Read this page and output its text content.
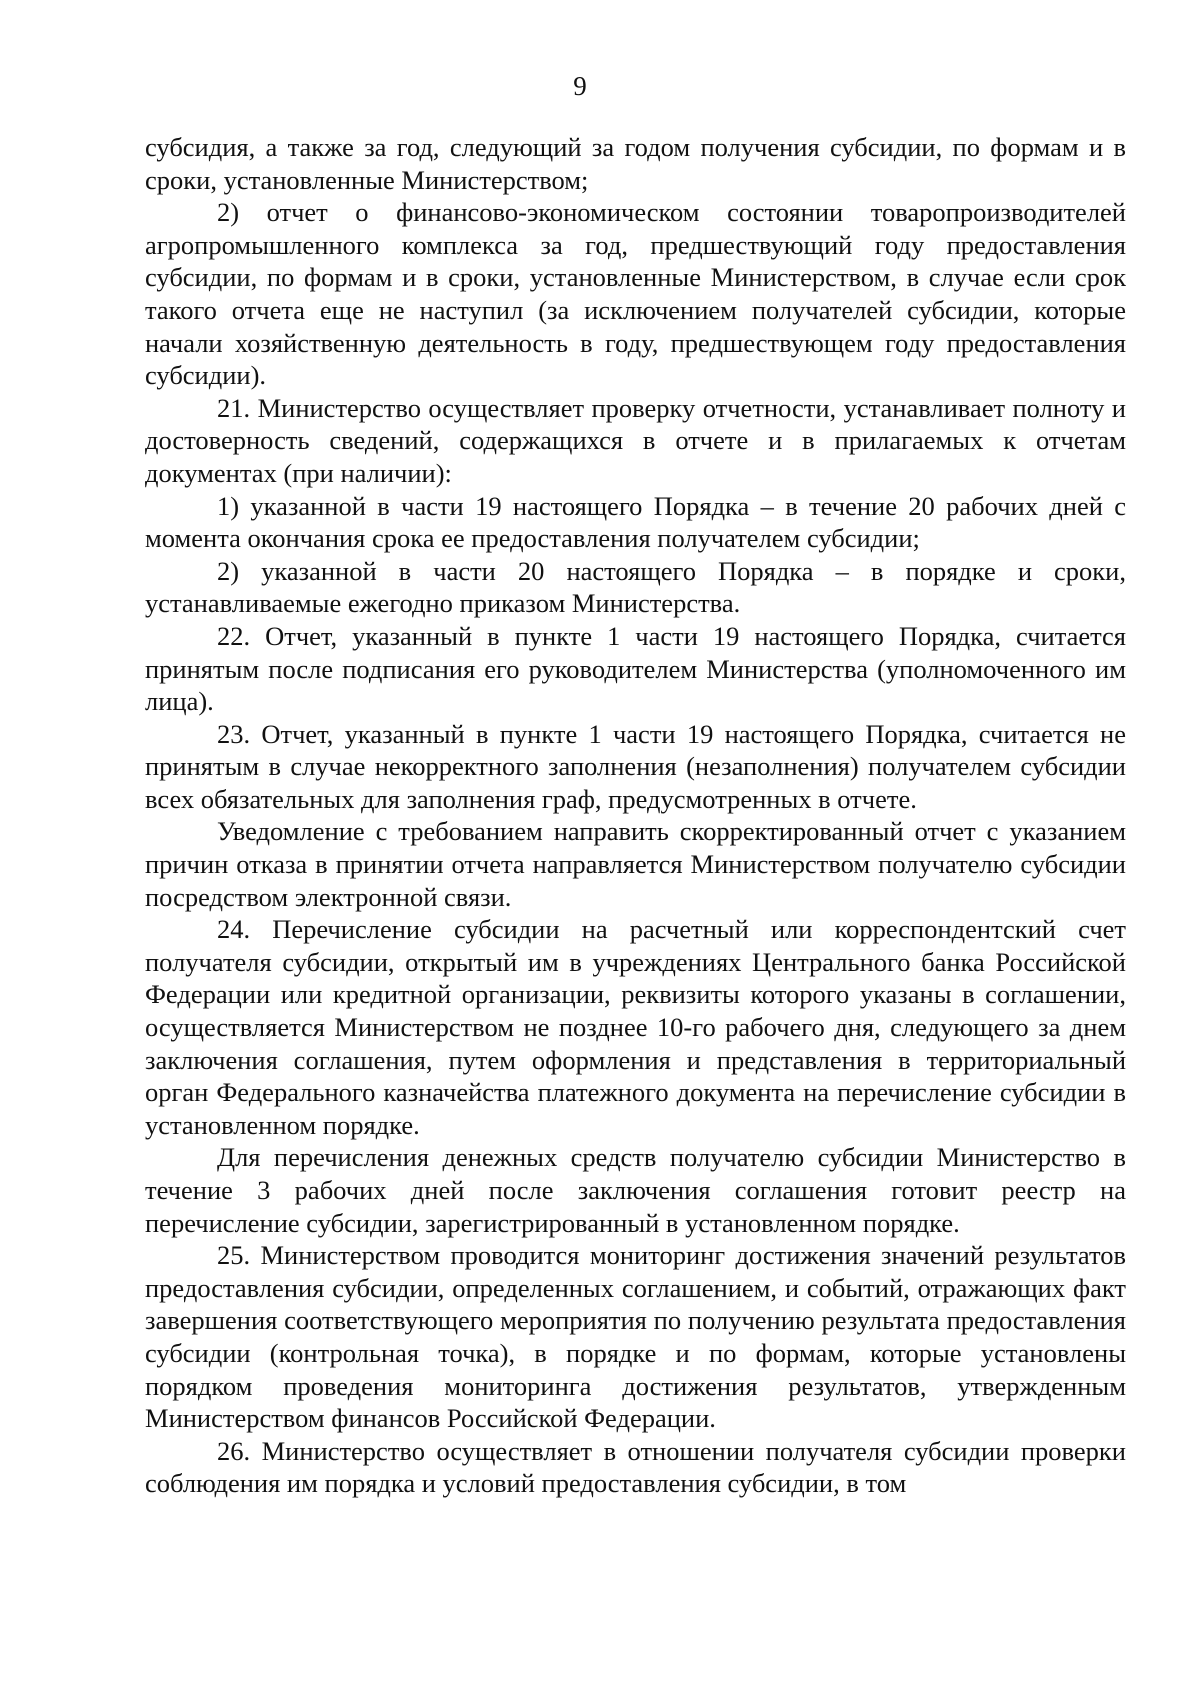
9

субсидия, а также за год, следующий за годом получения субсидии, по формам и в сроки, установленные Министерством;

2) отчет о финансово-экономическом состоянии товаропроизводителей агропромышленного комплекса за год, предшествующий году предоставления субсидии, по формам и в сроки, установленные Министерством, в случае если срок такого отчета еще не наступил (за исключением получателей субсидии, которые начали хозяйственную деятельность в году, предшествующем году предоставления субсидии).

21. Министерство осуществляет проверку отчетности, устанавливает полноту и достоверность сведений, содержащихся в отчете и в прилагаемых к отчетам документах (при наличии):

1) указанной в части 19 настоящего Порядка – в течение 20 рабочих дней с момента окончания срока ее предоставления получателем субсидии;

2) указанной в части 20 настоящего Порядка – в порядке и сроки, устанавливаемые ежегодно приказом Министерства.

22. Отчет, указанный в пункте 1 части 19 настоящего Порядка, считается принятым после подписания его руководителем Министерства (уполномоченного им лица).

23. Отчет, указанный в пункте 1 части 19 настоящего Порядка, считается не принятым в случае некорректного заполнения (незаполнения) получателем субсидии всех обязательных для заполнения граф, предусмотренных в отчете.

Уведомление с требованием направить скорректированный отчет с указанием причин отказа в принятии отчета направляется Министерством получателю субсидии посредством электронной связи.

24. Перечисление субсидии на расчетный или корреспондентский счет получателя субсидии, открытый им в учреждениях Центрального банка Российской Федерации или кредитной организации, реквизиты которого указаны в соглашении, осуществляется Министерством не позднее 10-го рабочего дня, следующего за днем заключения соглашения, путем оформления и представления в территориальный орган Федерального казначейства платежного документа на перечисление субсидии в установленном порядке.

Для перечисления денежных средств получателю субсидии Министерство в течение 3 рабочих дней после заключения соглашения готовит реестр на перечисление субсидии, зарегистрированный в установленном порядке.

25. Министерством проводится мониторинг достижения значений результатов предоставления субсидии, определенных соглашением, и событий, отражающих факт завершения соответствующего мероприятия по получению результата предоставления субсидии (контрольная точка), в порядке и по формам, которые установлены порядком проведения мониторинга достижения результатов, утвержденным Министерством финансов Российской Федерации.

26. Министерство осуществляет в отношении получателя субсидии проверки соблюдения им порядка и условий предоставления субсидии, в том
